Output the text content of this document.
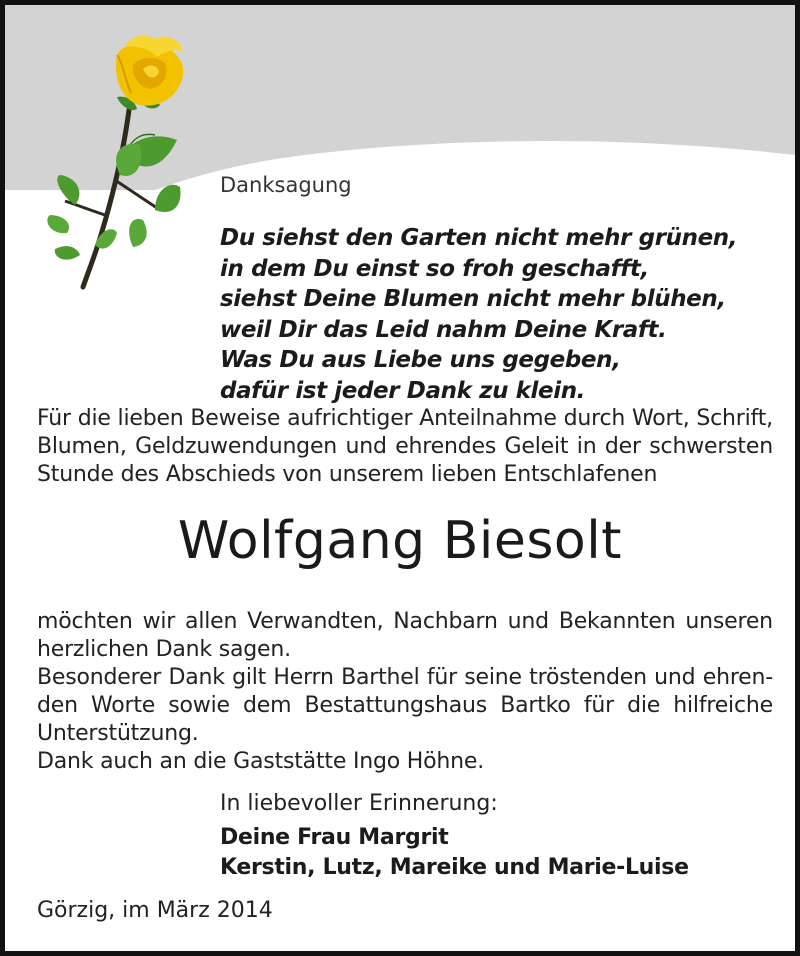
Danksagung
Du siehst den Garten nicht mehr grünen,
in dem Du einst so froh geschafft,
siehst Deine Blumen nicht mehr blühen,
weil Dir das Leid nahm Deine Kraft.
Was Du aus Liebe uns gegeben,
dafür ist jeder Dank zu klein.
Für die lieben Beweise aufrichtiger Anteilnahme durch Wort, Schrift,
Blumen, Geldzuwendungen und ehrendes Geleit in der schwersten
Stunde des Abschieds von unserem lieben Entschlafenen
Wolfgang Biesolt
möchten wir allen Verwandten, Nachbarn und Bekannten unseren
herzlichen Dank sagen.
Besonderer Dank gilt Herrn Barthel für seine tröstenden und ehren-
den Worte sowie dem Bestattungshaus Bartko für die hilfreiche
Unterstützung.
Dank auch an die Gaststätte Ingo Höhne.
In liebevoller Erinnerung:
Deine Frau Margrit
Kerstin, Lutz, Mareike und Marie-Luise
Görzig, im März 2014
